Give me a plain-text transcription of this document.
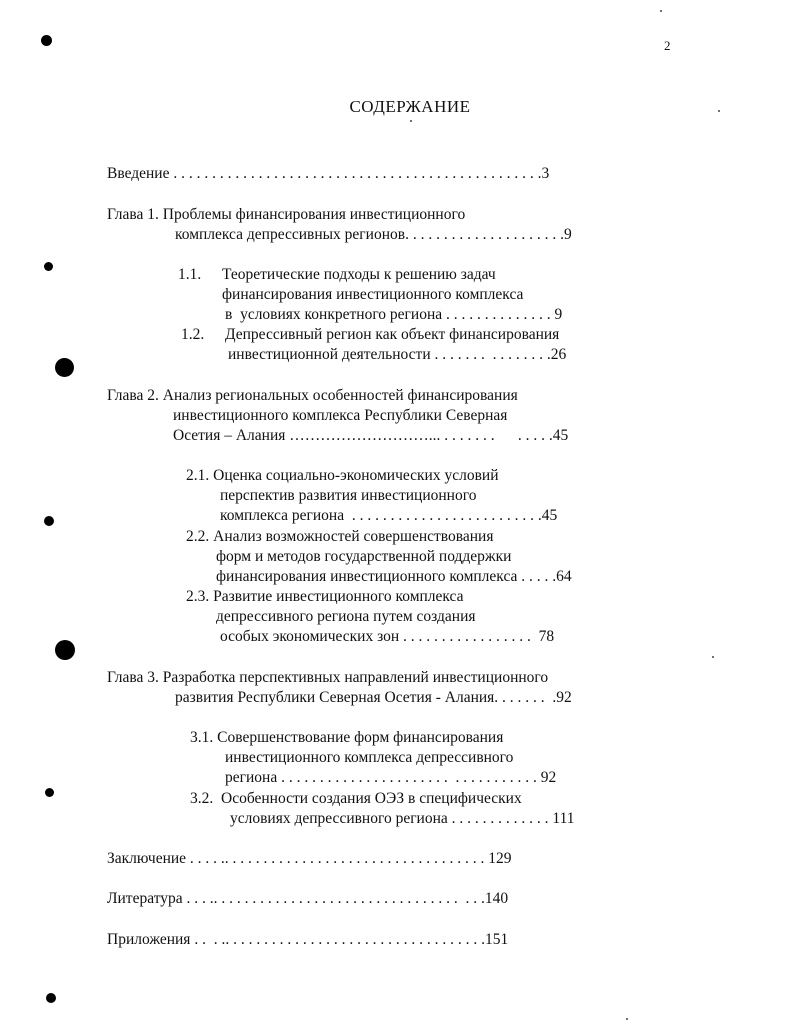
2
СОДЕРЖАНИЕ
Введение . . . . . . . . . . . . . . . . . . . . . . . . . . . . . . . . . . . . . . . . . . . . . . . .3
Глава 1. Проблемы финансирования инвестиционного
комплекса депрессивных регионов. . . . . . . . . . . . . . . . . . . . .9
1.1. Теоретические подходы к решению задач
финансирования инвестиционного комплекса
в  условиях конкретного региона . . . . . . . . . . . . . . 9
1.2. Депрессивный регион как объект финансирования
инвестиционной деятельности . . . . . . .  . . . . . . . .26
Глава 2. Анализ региональных особенностей финансирования
инвестиционного комплекса Республики Северная
Осетия – Алания ………………………... . . . . . . .      . . . . .45
2.1. Оценка социально-экономических условий
перспектив развития инвестиционного
комплекса региона  . . . . . . . . . . . . . . . . . . . . . . . . .45
2.2. Анализ возможностей совершенствования
форм и методов государственной поддержки
финансирования инвестиционного комплекса . . . . .64
2.3. Развитие инвестиционного комплекса
депрессивного региона путем создания
особых экономических зон . . . . . . . . . . . . . . . . .  78
Глава 3. Разработка перспективных направлений инвестиционного
развития Республики Северная Осетия - Алания. . . . . . .  .92
3.1. Совершенствование форм финансирования
инвестиционного комплекса депрессивного
региона . . . . . . . . . . . . . . . . . . . . . .  . . . . . . . . . . . 92
3.2.  Особенности создания ОЭЗ в специфических
условиях депрессивного региона . . . . . . . . . . . . . 111
Заключение . . . . .. . . . . . . . . . . . . . . . . . . . . . . . . . . . . . . . . . 129
Литература . . . .. . . . . . . . . . . . . . . . . . . . . . . . . . . . . . . .  . . .140
Приложения . .  . .. . . . . . . . . . . . . . . . . . . . . . . . . . . . . . . . . .151
